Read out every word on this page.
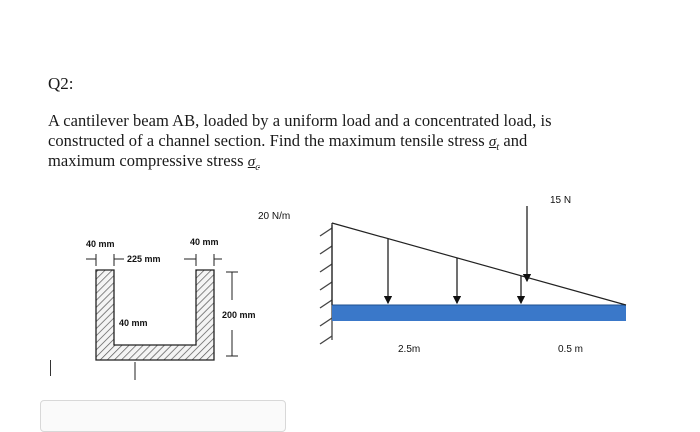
Q2:
A cantilever beam AB, loaded by a uniform load and a concentrated load, is
constructed of a channel section. Find the maximum tensile stress $\sigma_t$ and
maximum compressive stress $\sigma_c$
40 mm	40 mm
225 mm
200 mm
40 mm
20 N/m
15 N
2.5m	0.5 m
